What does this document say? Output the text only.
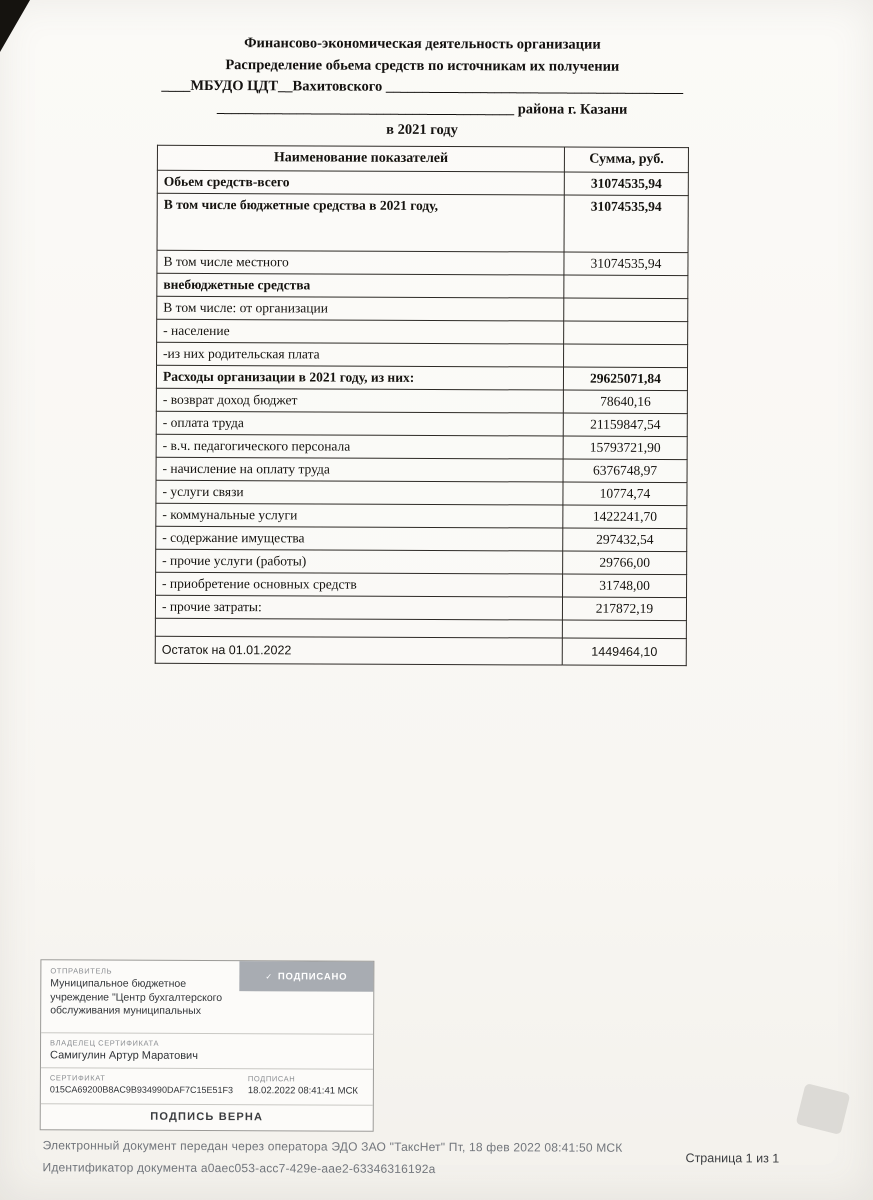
Финансово-экономическая деятельность организации
Распределение обьема средств по источникам их получении
____МБУДО ЦДТ__Вахитовского _________________________________________
_________________________________________ района г. Казани
в 2021 году
Наименование показателей	Сумма, руб.
Обьем средств-всего	31074535,94
В том числе бюджетные средства в 2021 году,	31074535,94
В том числе местного	31074535,94
внебюджетные средства	
В том числе: от организации	
- население	
-из них родительская плата	
Расходы организации в 2021 году, из них:	29625071,84
- возврат доход бюджет	78640,16
- оплата труда	21159847,54
- в.ч. педагогического персонала	15793721,90
- начисление на оплату труда	6376748,97
- услуги связи	10774,74
- коммунальные услуги	1422241,70
- содержание имущества	297432,54
- прочие услуги (работы)	29766,00
- приобретение основных средств	31748,00
- прочие затраты:	217872,19

Остаток на 01.01.2022	1449464,10
ОТПРАВИТЕЛЬ
Муниципальное бюджетное учреждение "Центр бухгалтерского обслуживания муниципальных
✓ ПОДПИСАНО
ВЛАДЕЛЕЦ СЕРТИФИКАТА
Самигулин Артур Маратович
СЕРТИФИКАТ
015CA69200B8AC9B934990DAF7C15E51F3
ПОДПИСАН
18.02.2022 08:41:41 МСК
ПОДПИСЬ ВЕРНА
Электронный документ передан через оператора ЭДО ЗАО "ТаксНет" Пт, 18 фев 2022 08:41:50 МСК
Идентификатор документа a0aec053-acc7-429e-aae2-63346316192a
Страница 1 из 1
